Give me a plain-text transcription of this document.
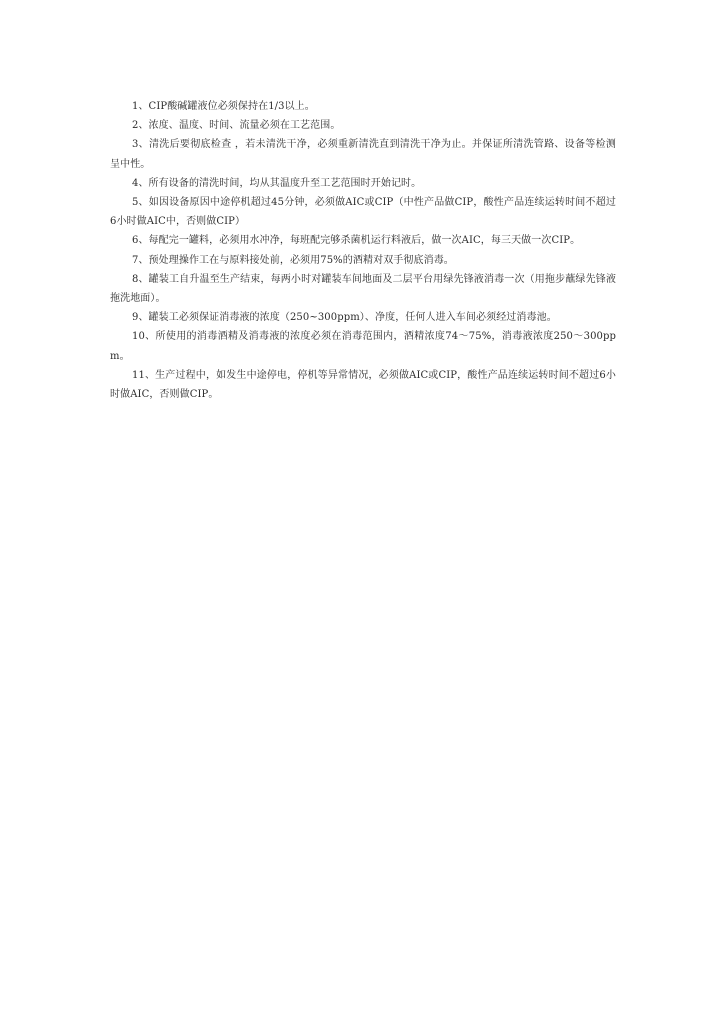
1、CIP酸碱罐液位必须保持在1/3以上。

2、浓度、温度、时间、流量必须在工艺范围。

3、清洗后要彻底检查 ，若未清洗干净，必须重新清洗直到清洗干净为止。并保证所清洗管路、设备等检测呈中性。

4、所有设备的清洗时间，均从其温度升至工艺范围时开始记时。

5、如因设备原因中途停机超过45分钟，必须做AIC或CIP（中性产品做CIP，酸性产品连续运转时间不超过6小时做AIC中，否则做CIP）

6、每配完一罐料，必须用水冲净，每班配完够杀菌机运行料液后，做一次AIC，每三天做一次CIP。

7、预处理操作工在与原料接处前，必须用75%的酒精对双手彻底消毒。

8、罐装工自升温至生产结束，每两小时对罐装车间地面及二层平台用绿先锋液消毒一次（用拖步蘸绿先锋液拖洗地面）。

9、罐装工必须保证消毒液的浓度（250~300ppm）、净度，任何人进入车间必须经过消毒池。

10、所使用的消毒酒精及消毒液的浓度必须在消毒范围内，酒精浓度74～75%，消毒液浓度250～300ppm。

11、生产过程中，如发生中途停电，停机等异常情况，必须做AIC或CIP，酸性产品连续运转时间不超过6小时做AIC，否则做CIP。
